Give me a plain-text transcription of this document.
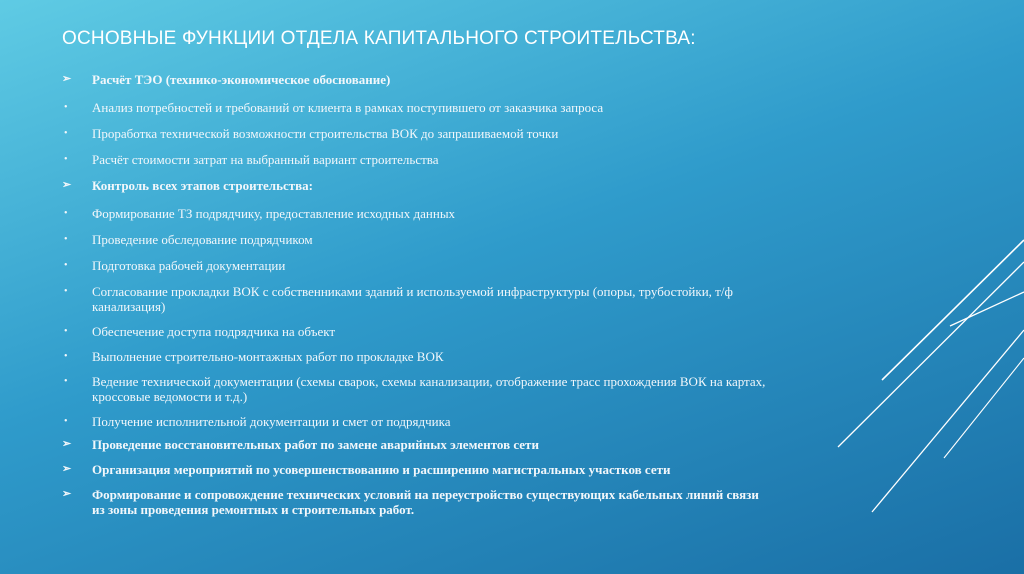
ОСНОВНЫЕ ФУНКЦИИ ОТДЕЛА КАПИТАЛЬНОГО СТРОИТЕЛЬСТВА:
➢ Расчёт ТЭО (технико-экономическое обоснование)
• Анализ потребностей и требований от клиента в рамках поступившего от заказчика запроса
• Проработка технической возможности строительства ВОК до запрашиваемой точки
• Расчёт стоимости затрат на выбранный вариант строительства
➢ Контроль всех этапов строительства:
• Формирование ТЗ подрядчику, предоставление исходных данных
• Проведение обследование подрядчиком
• Подготовка рабочей документации
• Согласование прокладки ВОК с собственниками зданий и используемой инфраструктуры (опоры, трубостойки, т/ф канализация)
• Обеспечение доступа подрядчика на объект
• Выполнение строительно-монтажных работ по прокладке ВОК
• Ведение технической документации (схемы сварок, схемы канализации, отображение трасс прохождения ВОК на картах, кроссовые ведомости и т.д.)
• Получение исполнительной документации и смет от подрядчика
➢ Проведение восстановительных работ по замене аварийных элементов сети
➢ Организация мероприятий по усовершенствованию и расширению магистральных участков сети
➢ Формирование и сопровождение технических условий на переустройство существующих кабельных линий связи из зоны проведения ремонтных и строительных работ.
